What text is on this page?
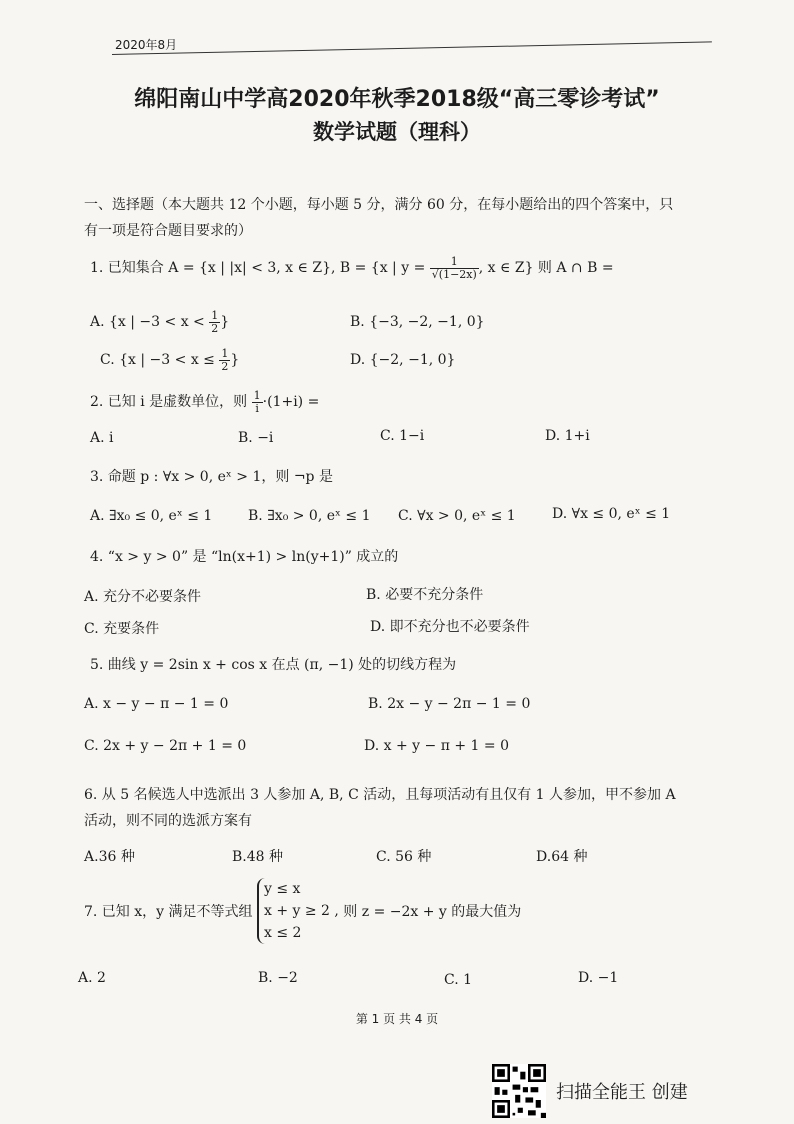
2020年8月
绵阳南山中学高2020年秋季2018级“高三零诊考试”
数学试题（理科）
一、选择题（本大题共 12 个小题，每小题 5 分，满分 60 分，在每小题给出的四个答案中，只
有一项是符合题目要求的）
1. 已知集合 A = {x | |x| < 3, x ∈ Z}, B = {x | $y = \frac{1}{√(1-2x)}$ , x ∈ Z} 则 A ∩ B =
A. {x | $-3 < x < \frac{1}{2}$ }	B. {−3, −2, −1, 0}
C. {x | $-3 < x \le \frac{1}{2}$ }	D. {−2, −1, 0}
2. 已知 i 是虚数单位，则 $\frac{1}{i} \cdot(1+i)$ =
A. i	B. −i	C. 1−i	D. 1+i
3. 命题 p : ∀x > 0, eˣ > 1，则 ¬p 是
A. ∃x₀ ≤ 0, eˣ ≤ 1	B. ∃x₀ > 0, eˣ ≤ 1 C. ∀x > 0, eˣ ≤ 1	D. ∀x ≤ 0, eˣ ≤ 1
4. “x > y > 0” 是 “ln(x+1) > ln(y+1)” 成立的
A. 充分不必要条件	B. 必要不充分条件
C. 充要条件	D. 即不充分也不必要条件
5. 曲线 y = 2sin x + cos x 在点 (π, −1) 处的切线方程为
A. x − y − π − 1 = 0	B. 2x − y − 2π − 1 = 0
C. 2x + y − 2π + 1 = 0	D. x + y − π + 1 = 0
6. 从 5 名候选人中选派出 3 人参加 A, B, C 活动，且每项活动有且仅有 1 人参加，甲不参加 A
活动，则不同的选派方案有
A.36 种	B.48 种	C. 56 种	D.64 种
7. 已知 x，y 满足不等式组
y ≤ x
x + y ≥ 2 ,
x ≤ 2
则 z = −2x + y 的最大值为
A. 2	B. −2	C. 1	D. −1
第 1 页 共 4 页
扫描全能王 创建
